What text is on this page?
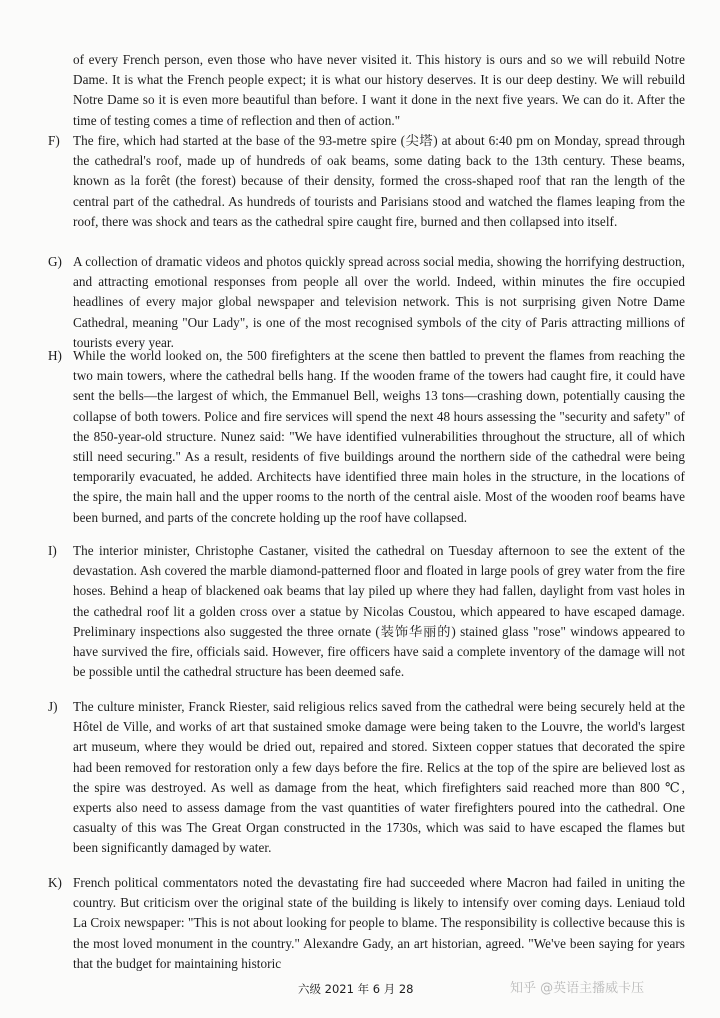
of every French person, even those who have never visited it. This history is ours and so we will rebuild Notre Dame. It is what the French people expect; it is what our history deserves. It is our deep destiny. We will rebuild Notre Dame so it is even more beautiful than before. I want it done in the next five years. We can do it. After the time of testing comes a time of reflection and then of action."
F)	The fire, which had started at the base of the 93-metre spire (尖塔) at about 6:40 pm on Monday, spread through the cathedral's roof, made up of hundreds of oak beams, some dating back to the 13th century. These beams, known as la forêt (the forest) because of their density, formed the cross-shaped roof that ran the length of the central part of the cathedral. As hundreds of tourists and Parisians stood and watched the flames leaping from the roof, there was shock and tears as the cathedral spire caught fire, burned and then collapsed into itself.
G) A collection of dramatic videos and photos quickly spread across social media, showing the horrifying destruction, and attracting emotional responses from people all over the world. Indeed, within minutes the fire occupied headlines of every major global newspaper and television network. This is not surprising given Notre Dame Cathedral, meaning "Our Lady", is one of the most recognised symbols of the city of Paris attracting millions of tourists every year.
H) While the world looked on, the 500 firefighters at the scene then battled to prevent the flames from reaching the two main towers, where the cathedral bells hang. If the wooden frame of the towers had caught fire, it could have sent the bells—the largest of which, the Emmanuel Bell, weighs 13 tons—crashing down, potentially causing the collapse of both towers. Police and fire services will spend the next 48 hours assessing the "security and safety" of the 850-year-old structure. Nunez said: "We have identified vulnerabilities throughout the structure, all of which still need securing." As a result, residents of five buildings around the northern side of the cathedral were being temporarily evacuated, he added. Architects have identified three main holes in the structure, in the locations of the spire, the main hall and the upper rooms to the north of the central aisle. Most of the wooden roof beams have been burned, and parts of the concrete holding up the roof have collapsed.
I)	The interior minister, Christophe Castaner, visited the cathedral on Tuesday afternoon to see the extent of the devastation. Ash covered the marble diamond-patterned floor and floated in large pools of grey water from the fire hoses. Behind a heap of blackened oak beams that lay piled up where they had fallen, daylight from vast holes in the cathedral roof lit a golden cross over a statue by Nicolas Coustou, which appeared to have escaped damage. Preliminary inspections also suggested the three ornate (装饰华丽的) stained glass "rose" windows appeared to have survived the fire, officials said. However, fire officers have said a complete inventory of the damage will not be possible until the cathedral structure has been deemed safe.
J)	The culture minister, Franck Riester, said religious relics saved from the cathedral were being securely held at the Hôtel de Ville, and works of art that sustained smoke damage were being taken to the Louvre, the world's largest art museum, where they would be dried out, repaired and stored. Sixteen copper statues that decorated the spire had been removed for restoration only a few days before the fire. Relics at the top of the spire are believed lost as the spire was destroyed. As well as damage from the heat, which firefighters said reached more than 800 ℃, experts also need to assess damage from the vast quantities of water firefighters poured into the cathedral. One casualty of this was The Great Organ constructed in the 1730s, which was said to have escaped the flames but been significantly damaged by water.
K) French political commentators noted the devastating fire had succeeded where Macron had failed in uniting the country. But criticism over the original state of the building is likely to intensify over coming days. Leniaud told La Croix newspaper: "This is not about looking for people to blame. The responsibility is collective because this is the most loved monument in the country." Alexandre Gady, an art historian, agreed. "We've been saying for years that the budget for maintaining historic
六级 2021 年 6 月 28	知乎 @英语主播威卡压
